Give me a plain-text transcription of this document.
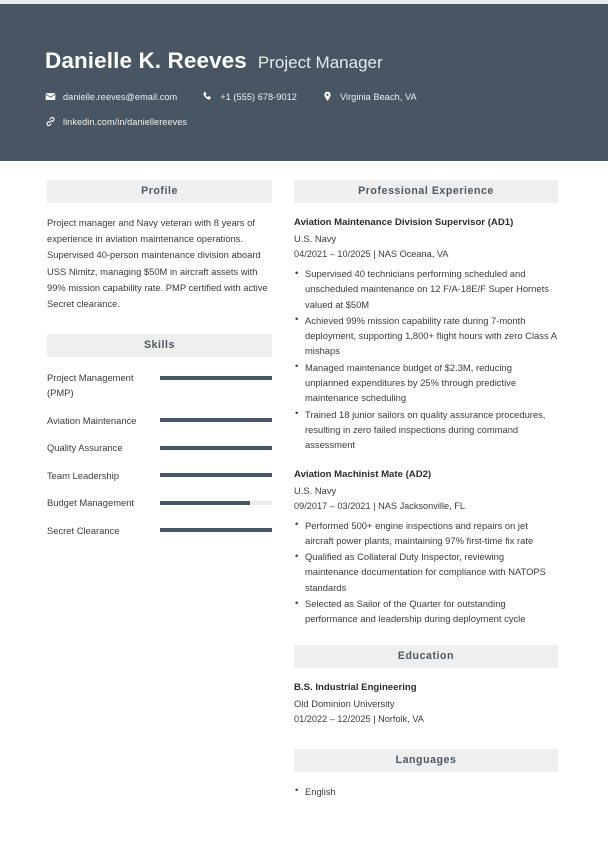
Danielle K. Reeves Project Manager
danielle.reeves@email.com	+1 (555) 678-9012	Virginia Beach, VA
linkedin.com/in/daniellereeves
Profile

Project manager and Navy veteran with 8 years of experience in aviation maintenance operations. Supervised 40-person maintenance division aboard USS Nimitz, managing $50M in aircraft assets with 99% mission capability rate. PMP certified with active Secret clearance.

Skills
Project Management (PMP)
Aviation Maintenance
Quality Assurance
Team Leadership
Budget Management
Secret Clearance
Professional Experience
Aviation Maintenance Division Supervisor (AD1)
U.S. Navy
04/2021 – 10/2025 | NAS Oceana, VA
• Supervised 40 technicians performing scheduled and unscheduled maintenance on 12 F/A-18E/F Super Hornets valued at $50M
• Achieved 99% mission capability rate during 7-month deployment, supporting 1,800+ flight hours with zero Class A mishaps
• Managed maintenance budget of $2.3M, reducing unplanned expenditures by 25% through predictive maintenance scheduling
• Trained 18 junior sailors on quality assurance procedures, resulting in zero failed inspections during command assessment
Aviation Machinist Mate (AD2)
U.S. Navy
09/2017 – 03/2021 | NAS Jacksonville, FL
• Performed 500+ engine inspections and repairs on jet aircraft power plants, maintaining 97% first-time fix rate
• Qualified as Collateral Duty Inspector, reviewing maintenance documentation for compliance with NATOPS standards
• Selected as Sailor of the Quarter for outstanding performance and leadership during deployment cycle
Education
B.S. Industrial Engineering
Old Dominion University
01/2022 – 12/2025 | Norfolk, VA
Languages
• English
